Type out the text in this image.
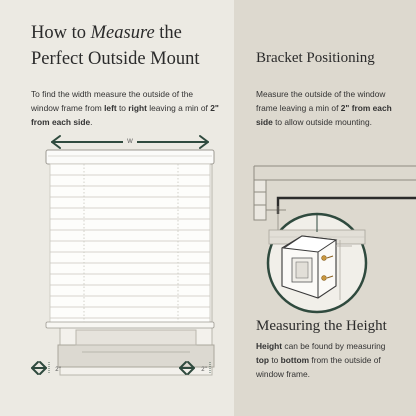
How to Measure the
Perfect Outside Mount

To find the width measure the outside of the window frame from left to right leaving a min of 2" from each side.

Bracket Positioning

Measure the outside of the window frame leaving a min of 2" from each side to allow outside mounting.

Measuring the Height

Height can be found by measuring top to bottom from the outside of window frame.

W
2"	2"
